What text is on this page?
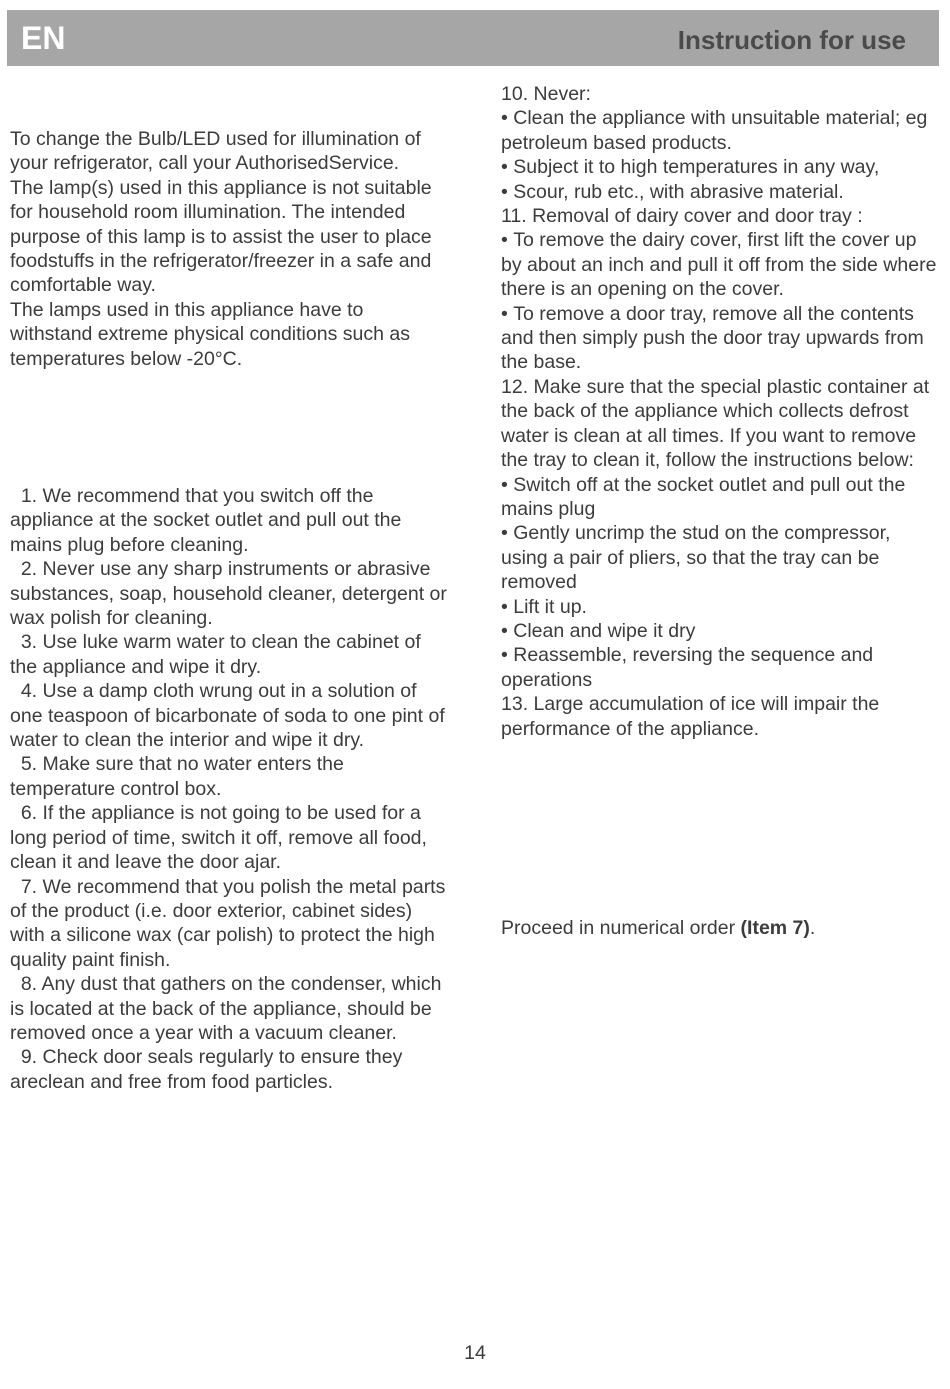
EN	Instruction for use

To change the Bulb/LED used for illumination of your refrigerator, call your AuthorisedService.

The lamp(s) used in this appliance is not suitable for household room illumination. The intended purpose of this lamp is to assist the user to place foodstuffs in the refrigerator/freezer in a safe and comfortable way.

The lamps used in this appliance have to withstand extreme physical conditions such as temperatures below -20°C.

1. We recommend that you switch off the appliance at the socket outlet and pull out the mains plug before cleaning.

2. Never use any sharp instruments or abrasive substances, soap, household cleaner, detergent or wax polish for cleaning.

3. Use luke warm water to clean the cabinet of the appliance and wipe it dry.

4. Use a damp cloth wrung out in a solution of one teaspoon of bicarbonate of soda to one pint of water to clean the interior and wipe it dry.

5. Make sure that no water enters the temperature control box.

6. If the appliance is not going to be used for a long period of time, switch it off, remove all food, clean it and leave the door ajar.

7. We recommend that you polish the metal parts of the product (i.e. door exterior, cabinet sides) with a silicone wax (car polish) to protect the high quality paint finish.

8. Any dust that gathers on the condenser, which is located at the back of the appliance, should be removed once a year with a vacuum cleaner.

9. Check door seals regularly to ensure they areclean and free from food particles.

10. Never:

• Clean the appliance with unsuitable material; eg petroleum based products.

• Subject it to high temperatures in any way,

• Scour, rub etc., with abrasive material.

11. Removal of dairy cover and door tray :

• To remove the dairy cover, first lift the cover up by about an inch and pull it off from the side where there is an opening on the cover.

• To remove a door tray, remove all the contents and then simply push the door tray upwards from the base.

12. Make sure that the special plastic container at the back of the appliance which collects defrost water is clean at all times. If you want to remove the tray to clean it, follow the instructions below:

• Switch off at the socket outlet and pull out the mains plug

• Gently uncrimp the stud on the compressor, using a pair of pliers, so that the tray can be removed

• Lift it up.

• Clean and wipe it dry

• Reassemble, reversing the sequence and operations

13. Large accumulation of ice will impair the performance of the appliance.

Proceed in numerical order (Item 7).

14
